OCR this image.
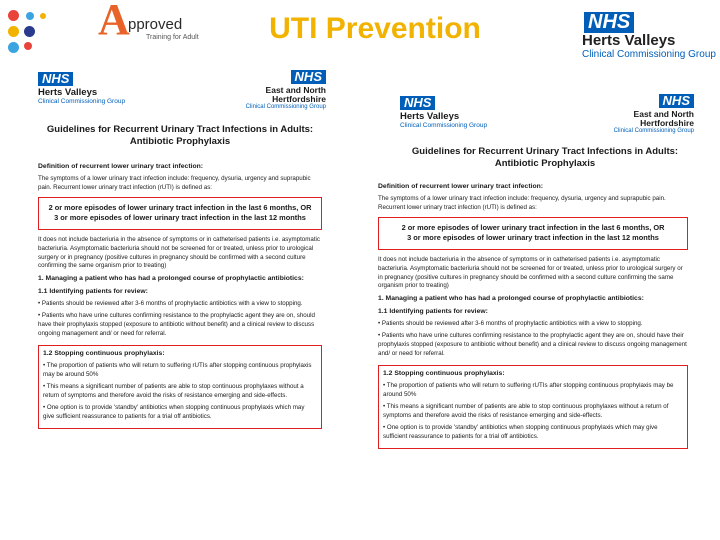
A
pproved
Training for Adult	UTI Prevention	NHS
Herts Valleys
Clinical Commissioning Group
NHS
Herts Valleys
Clinical Commissioning Group
NHS
East and North
Hertfordshire
Clinical Commissioning Group
Guidelines for Recurrent Urinary Tract Infections in Adults:
Antibiotic Prophylaxis

Definition of recurrent lower urinary tract infection:

The symptoms of a lower urinary tract infection include: frequency, dysuria, urgency and suprapubic pain. Recurrent lower urinary tract infection (rUTI) is defined as:

2 or more episodes of lower urinary tract infection in the last 6 months, OR
3 or more episodes of lower urinary tract infection in the last 12 months

It does not include bacteriuria in the absence of symptoms or in catheterised patients i.e. asymptomatic bacteriuria. Asymptomatic bacteriuria should not be screened for or treated, unless prior to urological surgery or in pregnancy (positive cultures in pregnancy should be confirmed with a second culture confirming the same organism prior to treating)

1. Managing a patient who has had a prolonged course of prophylactic antibiotics:

1.1 Identifying patients for review:

• Patients should be reviewed after 3-6 months of prophylactic antibiotics with a view to stopping.

• Patients who have urine cultures confirming resistance to the prophylactic agent they are on, should have their prophylaxis stopped (exposure to antibiotic without benefit) and a clinical review to discuss ongoing management and/ or need for referral.

1.2 Stopping continuous prophylaxis:

• The proportion of patients who will return to suffering rUTIs after stopping continuous prophylaxis may be around 50%

• This means a significant number of patients are able to stop continuous prophylaxes without a return of symptoms and therefore avoid the risks of resistance emerging and side-effects.

• One option is to provide 'standby' antibiotics when stopping continuous prophylaxis which may give sufficient reassurance to patients for a trial off antibiotics.

NHS
Herts Valleys
Clinical Commissioning Group
NHS
East and North
Hertfordshire
Clinical Commissioning Group
Guidelines for Recurrent Urinary Tract Infections in Adults:
Antibiotic Prophylaxis

Definition of recurrent lower urinary tract infection:

The symptoms of a lower urinary tract infection include: frequency, dysuria, urgency and suprapubic pain. Recurrent lower urinary tract infection (rUTI) is defined as:

2 or more episodes of lower urinary tract infection in the last 6 months, OR
3 or more episodes of lower urinary tract infection in the last 12 months

It does not include bacteriuria in the absence of symptoms or in catheterised patients i.e. asymptomatic bacteriuria. Asymptomatic bacteriuria should not be screened for or treated, unless prior to urological surgery or in pregnancy (positive cultures in pregnancy should be confirmed with a second culture confirming the same organism prior to treating)

1. Managing a patient who has had a prolonged course of prophylactic antibiotics:

1.1 Identifying patients for review:

• Patients should be reviewed after 3-6 months of prophylactic antibiotics with a view to stopping.

• Patients who have urine cultures confirming resistance to the prophylactic agent they are on, should have their prophylaxis stopped (exposure to antibiotic without benefit) and a clinical review to discuss ongoing management and/ or need for referral.

1.2 Stopping continuous prophylaxis:

• The proportion of patients who will return to suffering rUTIs after stopping continuous prophylaxis may be around 50%

• This means a significant number of patients are able to stop continuous prophylaxes without a return of symptoms and therefore avoid the risks of resistance emerging and side-effects.

• One option is to provide 'standby' antibiotics when stopping continuous prophylaxis which may give sufficient reassurance to patients for a trial off antibiotics.
